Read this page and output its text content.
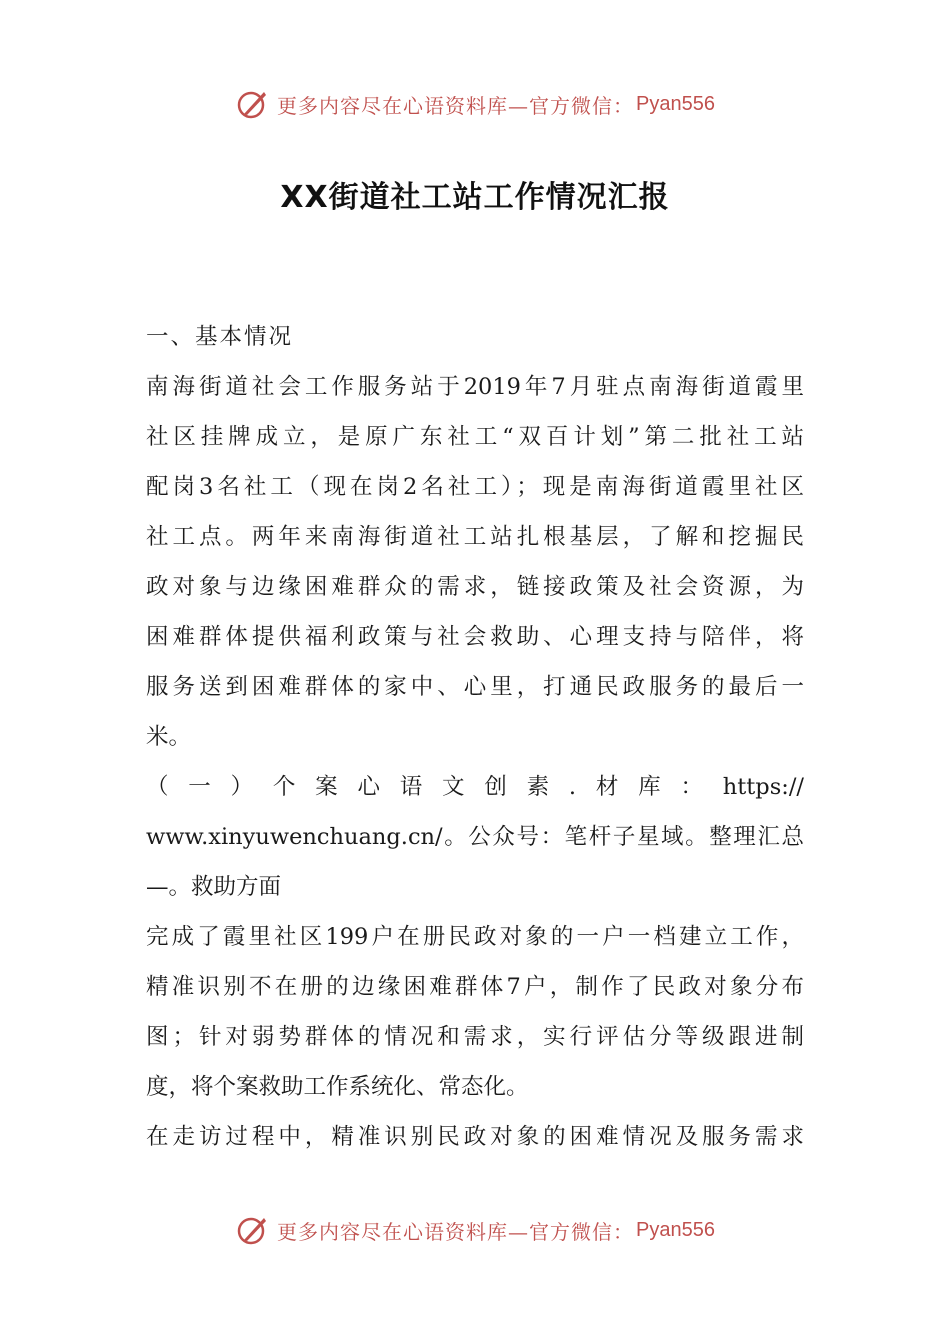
更多内容尽在心语资料库—官方微信： Pyan556
XX街道社工站工作情况汇报
一、基本情况
南海街道社会工作服务站于2019年7月驻点南海街道霞里
社区挂牌成立，是原广东社工“双百计划”第二批社工站
配岗3名社工（现在岗2名社工）；现是南海街道霞里社区
社工点。两年来南海街道社工站扎根基层，了解和挖掘民
政对象与边缘困难群众的需求，链接政策及社会资源，为
困难群体提供福利政策与社会救助、心理支持与陪伴，将
服务送到困难群体的家中、心里，打通民政服务的最后一
米。
（一）个案心语文创素.材库：https://
www.xinyuwenchuang.cn/。公众号：笔杆子星域。整理汇总
—。救助方面
完成了霞里社区199户在册民政对象的一户一档建立工作，
精准识别不在册的边缘困难群体7户，制作了民政对象分布
图；针对弱势群体的情况和需求，实行评估分等级跟进制
度，将个案救助工作系统化、常态化。
在走访过程中，精准识别民政对象的困难情况及服务需求
更多内容尽在心语资料库—官方微信： Pyan556
